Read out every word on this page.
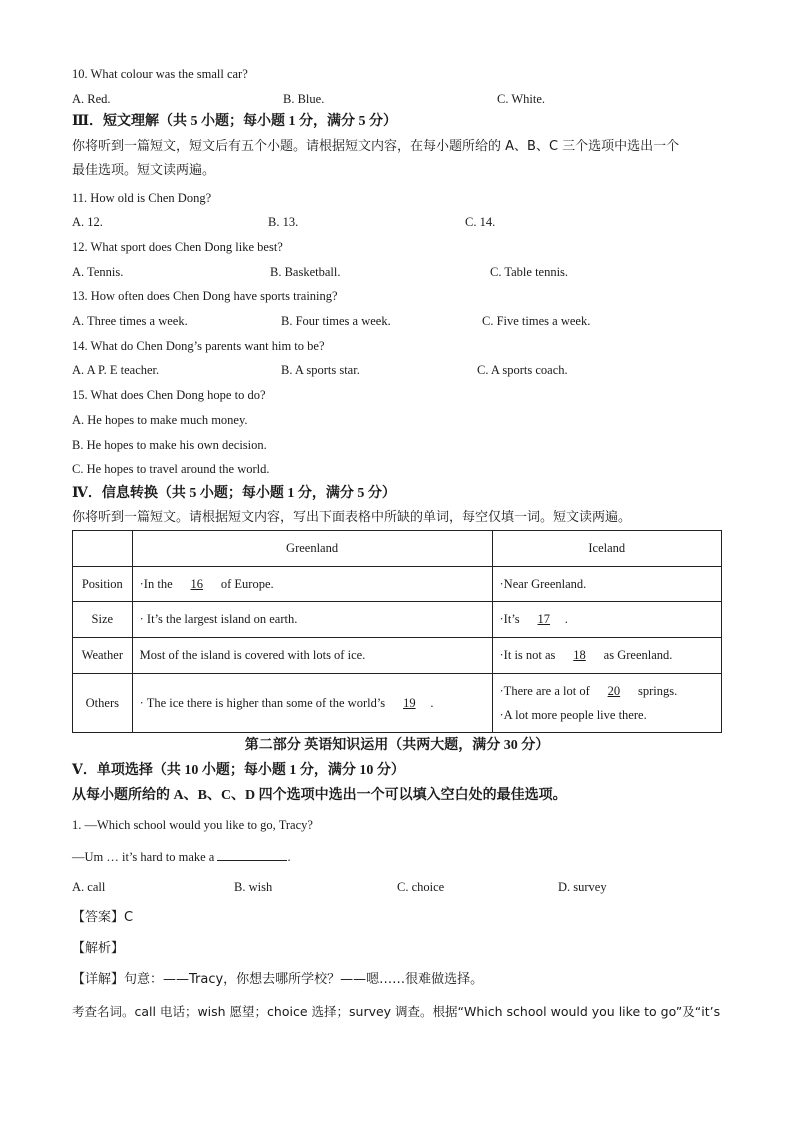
10. What colour was the small car?
A. Red.	B. Blue.	C. White.
Ⅲ．短文理解（共 5 小题；每小题 1 分，满分 5 分）
你将听到一篇短文，短文后有五个小题。请根据短文内容，在每小题所给的 A、B、C 三个选项中选出一个
最佳选项。短文读两遍。
11. How old is Chen Dong?
A. 12.	B. 13.	C. 14.
12. What sport does Chen Dong like best?
A. Tennis.	B. Basketball.	C. Table tennis.
13. How often does Chen Dong have sports training?
A. Three times a week.	B. Four times a week.	C. Five times a week.
14. What do Chen Dong’s parents want him to be?
A. A P. E teacher.	B. A sports star.	C. A sports coach.
15. What does Chen Dong hope to do?
A. He hopes to make much money.
B. He hopes to make his own decision.
C. He hopes to travel around the world.
Ⅳ．信息转换（共 5 小题；每小题 1 分，满分 5 分）
你将听到一篇短文。请根据短文内容，写出下面表格中所缺的单词，每空仅填一词。短文读两遍。
	Greenland	Iceland
Position	·In the 16 of Europe.	·Near Greenland.
Size	· It’s the largest island on earth.	·It’s 17 .
Weather	Most of the island is covered with lots of ice.	·It is not as 18 as Greenland.
Others	· The ice there is higher than some of the world’s 19 .	·There are a lot of 20 springs.
·A lot more people live there.
第二部分 英语知识运用（共两大题，满分 30 分）
Ⅴ．单项选择（共 10 小题；每小题 1 分，满分 10 分）
从每小题所给的 A、B、C、D 四个选项中选出一个可以填入空白处的最佳选项。
1. —Which school would you like to go, Tracy?
—Um … it’s hard to make a	.
A. call	B. wish	C. choice	D. survey
【答案】C
【解析】
【详解】句意：——Tracy，你想去哪所学校？——嗯……很难做选择。
考查名词。call 电话；wish 愿望；choice 选择；survey 调查。根据“Which school would you like to go”及“it’s
